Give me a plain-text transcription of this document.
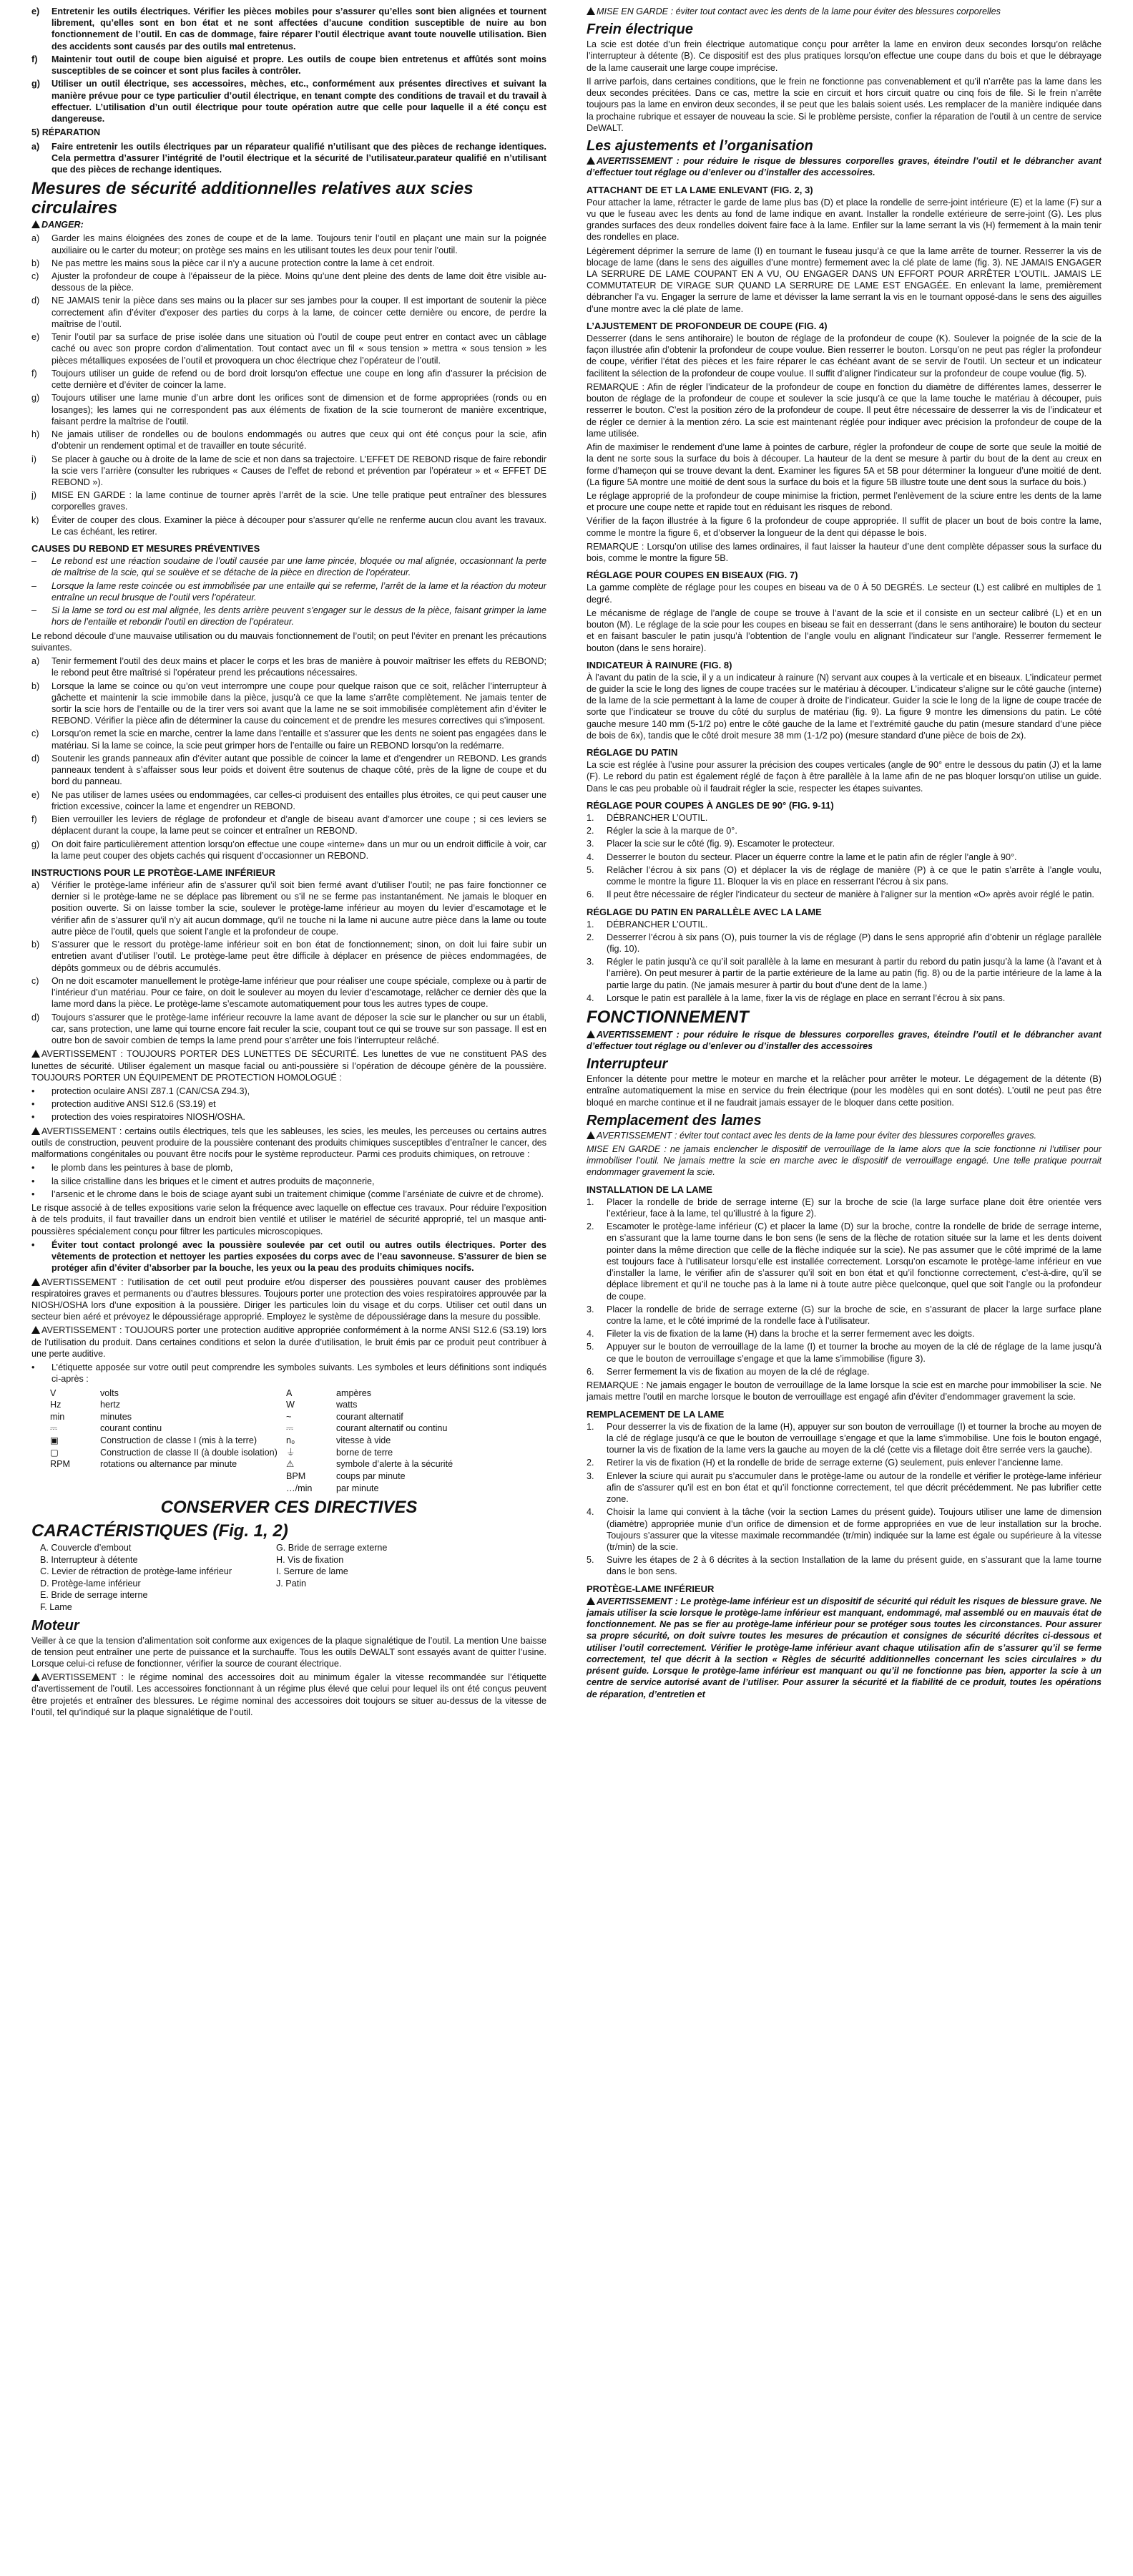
e)	Entretenir les outils électriques. Vérifier les pièces mobiles pour s’assurer qu’elles sont bien alignées et tournent librement, qu’elles sont en bon état et ne sont affectées d’aucune condition susceptible de nuire au bon fonctionnement de l’outil. En cas de dommage, faire réparer l’outil électrique avant toute nouvelle utilisation. Bien des accidents sont causés par des outils mal entretenus.
f)	Maintenir tout outil de coupe bien aiguisé et propre. Les outils de coupe bien entretenus et affûtés sont moins susceptibles de se coincer et sont plus faciles à contrôler.
g)	Utiliser un outil électrique, ses accessoires, mèches, etc., conformément aux présentes directives et suivant la manière prévue pour ce type particulier d’outil électrique, en tenant compte des conditions de travail et du travail à effectuer. L’utilisation d’un outil électrique pour toute opération autre que celle pour laquelle il a été conçu est dangereuse.
5) RÉPARATION
a)	Faire entretenir les outils électriques par un réparateur qualifié n’utilisant que des pièces de rechange identiques. Cela permettra d’assurer l’intégrité de l’outil électrique et la sécurité de l’utilisateur.parateur qualifié en n’utilisant que des pièces de rechange identiques.
Mesures de sécurité additionnelles relatives aux scies circulaires
DANGER:
a)	Garder les mains éloignées des zones de coupe et de la lame. Toujours tenir l’outil en plaçant une main sur la poignée auxiliaire ou le carter du moteur; on protège ses mains en les utilisant toutes les deux pour tenir l’outil.
b)	Ne pas mettre les mains sous la pièce car il n’y a aucune protection contre la lame à cet endroit.
c)	Ajuster la profondeur de coupe à l’épaisseur de la pièce. Moins qu’une dent pleine des dents de lame doit être visible au-dessous de la pièce.
d)	NE JAMAIS tenir la pièce dans ses mains ou la placer sur ses jambes pour la couper. Il est important de soutenir la pièce correctement afin d’éviter d’exposer des parties du corps à la lame, de coincer cette dernière ou encore, de perdre la maîtrise de l’outil.
e)	Tenir l’outil par sa surface de prise isolée dans une situation où l’outil de coupe peut entrer en contact avec un câblage caché ou avec son propre cordon d’alimentation. Tout contact avec un fil « sous tension » mettra « sous tension » les pièces métalliques exposées de l’outil et provoquera un choc électrique chez l’opérateur de l’outil.
f)	Toujours utiliser un guide de refend ou de bord droit lorsqu’on effectue une coupe en long afin d’assurer la précision de cette dernière et d’éviter de coincer la lame.
g)	Toujours utiliser une lame munie d’un arbre dont les orifices sont de dimension et de forme appropriées (ronds ou en losanges); les lames qui ne correspondent pas aux éléments de fixation de la scie tourneront de manière excentrique, faisant perdre la maîtrise de l’outil.
h)	Ne jamais utiliser de rondelles ou de boulons endommagés ou autres que ceux qui ont été conçus pour la scie, afin d’obtenir un rendement optimal et de travailler en toute sécurité.
i)	Se placer à gauche ou à droite de la lame de scie et non dans sa trajectoire. L’EFFET DE REBOND risque de faire rebondir la scie vers l’arrière (consulter les rubriques « Causes de l’effet de rebond et prévention par l’opérateur » et « EFFET DE REBOND »).
j)	MISE EN GARDE : la lame continue de tourner après l’arrêt de la scie. Une telle pratique peut entraîner des blessures corporelles graves.
k)	Éviter de couper des clous. Examiner la pièce à découper pour s’assurer qu’elle ne renferme aucun clou avant les travaux. Le cas échéant, les retirer.
CAUSES DU REBOND ET MESURES PRÉVENTIVES
–	Le rebond est une réaction soudaine de l’outil causée par une lame pincée, bloquée ou mal alignée, occasionnant la perte de maîtrise de la scie, qui se soulève et se détache de la pièce en direction de l’opérateur.
–	Lorsque la lame reste coincée ou est immobilisée par une entaille qui se referme, l’arrêt de la lame et la réaction du moteur entraîne un recul brusque de l’outil vers l’opérateur.
–	Si la lame se tord ou est mal alignée, les dents arrière peuvent s’engager sur le dessus de la pièce, faisant grimper la lame hors de l’entaille et rebondir l’outil en direction de l’opérateur.
Le rebond découle d’une mauvaise utilisation ou du mauvais fonctionnement de l’outil; on peut l’éviter en prenant les précautions suivantes.
a)	Tenir fermement l’outil des deux mains et placer le corps et les bras de manière à pouvoir maîtriser les effets du REBOND; le rebond peut être maîtrisé si l’opérateur prend les précautions nécessaires.
b)	Lorsque la lame se coince ou qu’on veut interrompre une coupe pour quelque raison que ce soit, relâcher l’interrupteur à gâchette et maintenir la scie immobile dans la pièce, jusqu’à ce que la lame s’arrête complètement. Ne jamais tenter de sortir la scie hors de l’entaille ou de la tirer vers soi avant que la lame ne se soit immobilisée complètement afin d’éviter le REBOND. Vérifier la pièce afin de déterminer la cause du coincement et de prendre les mesures correctives qui s’imposent.
c)	Lorsqu’on remet la scie en marche, centrer la lame dans l’entaille et s’assurer que les dents ne soient pas engagées dans le matériau. Si la lame se coince, la scie peut grimper hors de l’entaille ou faire un REBOND lorsqu’on la redémarre.
d)	Soutenir les grands panneaux afin d’éviter autant que possible de coincer la lame et d’engendrer un REBOND. Les grands panneaux tendent à s’affaisser sous leur poids et doivent être soutenus de chaque côté, près de la ligne de coupe et du bord du panneau.
e)	Ne pas utiliser de lames usées ou endommagées, car celles-ci produisent des entailles plus étroites, ce qui peut causer une friction excessive, coincer la lame et engendrer un REBOND.
f)	Bien verrouiller les leviers de réglage de profondeur et d’angle de biseau avant d’amorcer une coupe ; si ces leviers se déplacent durant la coupe, la lame peut se coincer et entraîner un REBOND.
g)	On doit faire particulièrement attention lorsqu’on effectue une coupe «interne» dans un mur ou un endroit difficile à voir, car la lame peut couper des objets cachés qui risquent d’occasionner un REBOND.
INSTRUCTIONS POUR LE PROTÈGE-LAME INFÉRIEUR
a)	Vérifier le protège-lame inférieur afin de s’assurer qu’il soit bien fermé avant d’utiliser l’outil; ne pas faire fonctionner ce dernier si le protège-lame ne se déplace pas librement ou s’il ne se ferme pas instantanément. Ne jamais le bloquer en position ouverte. Si on laisse tomber la scie, soulever le protège-lame inférieur au moyen du levier d’escamotage et le vérifier afin de s’assurer qu’il n’y ait aucun dommage, qu’il ne touche ni la lame ni aucune autre pièce dans la lame ou toute autre pièce de l’outil, quels que soient l’angle et la profondeur de coupe.
b)	S’assurer que le ressort du protège-lame inférieur soit en bon état de fonctionnement; sinon, on doit lui faire subir un entretien avant d’utiliser l’outil. Le protège-lame peut être difficile à déplacer en présence de pièces endommagées, de dépôts gommeux ou de débris accumulés.
c)	On ne doit escamoter manuellement le protège-lame inférieur que pour réaliser une coupe spéciale, complexe ou à partir de l’intérieur d’un matériau. Pour ce faire, on doit le soulever au moyen du levier d’escamotage, relâcher ce dernier dès que la lame mord dans la pièce. Le protège-lame s’escamote automatiquement pour tous les autres types de coupe.
d)	Toujours s’assurer que le protège-lame inférieur recouvre la lame avant de déposer la scie sur le plancher ou sur un établi, car, sans protection, une lame qui tourne encore fait reculer la scie, coupant tout ce qui se trouve sur son passage. Il est en outre bon de savoir combien de temps la lame prend pour s’arrêter une fois l’interrupteur relâché.
AVERTISSEMENT : TOUJOURS PORTER DES LUNETTES DE SÉCURITÉ. Les lunettes de vue ne constituent PAS des lunettes de sécurité. Utiliser également un masque facial ou anti-poussière si l’opération de découpe génère de la poussière. TOUJOURS PORTER UN ÉQUIPEMENT DE PROTECTION HOMOLOGUÉ :
•	protection oculaire ANSI Z87.1 (CAN/CSA Z94.3),
•	protection auditive ANSI S12.6 (S3.19) et
•	protection des voies respiratoires NIOSH/OSHA.
AVERTISSEMENT : certains outils électriques, tels que les sableuses, les scies, les meules, les perceuses ou certains autres outils de construction, peuvent produire de la poussière contenant des produits chimiques susceptibles d’entraîner le cancer, des malformations congénitales ou pouvant être nocifs pour le système reproducteur. Parmi ces produits chimiques, on retrouve :
•	le plomb dans les peintures à base de plomb,
•	la silice cristalline dans les briques et le ciment et autres produits de maçonnerie,
•	l’arsenic et le chrome dans le bois de sciage ayant subi un traitement chimique (comme l’arséniate de cuivre et de chrome).
Le risque associé à de telles expositions varie selon la fréquence avec laquelle on effectue ces travaux. Pour réduire l’exposition à de tels produits, il faut travailler dans un endroit bien ventilé et utiliser le matériel de sécurité approprié, tel un masque anti-poussières spécialement conçu pour filtrer les particules microscopiques.
•	Éviter tout contact prolongé avec la poussière soulevée par cet outil ou autres outils électriques. Porter des vêtements de protection et nettoyer les parties exposées du corps avec de l’eau savonneuse. S’assurer de bien se protéger afin d’éviter d’absorber par la bouche, les yeux ou la peau des produits chimiques nocifs.
AVERTISSEMENT : l’utilisation de cet outil peut produire et/ou disperser des poussières pouvant causer des problèmes respiratoires graves et permanents ou d’autres blessures. Toujours porter une protection des voies respiratoires approuvée par la NIOSH/OSHA lors d’une exposition à la poussière. Diriger les particules loin du visage et du corps. Utiliser cet outil dans un secteur bien aéré et prévoyez le dépoussiérage approprié. Employez le système de dépoussiérage dans la mesure du possible.
AVERTISSEMENT : TOUJOURS porter une protection auditive appropriée conformément à la norme ANSI S12.6 (S3.19) lors de l’utilisation du produit. Dans certaines conditions et selon la durée d’utilisation, le bruit émis par ce produit peut contribuer à une perte auditive.
•	L’étiquette apposée sur votre outil peut comprendre les symboles suivants. Les symboles et leurs définitions sont indiqués ci-après :
V	volts	A	ampères
Hz	hertz	W	watts
min	minutes	~	courant alternatif
⎓	courant continu	⎓	courant alternatif ou continu
▣	Construction de classe I (mis à la terre)	n₀	vitesse à vide
▢	Construction de classe II (à double isolation) ⏚	borne de terre
RPM	rotations ou alternance par minute	⚠	symbole d’alerte à la sécurité
BPM	coups par minute
…/min	par minute
CONSERVER CES DIRECTIVES
CARACTÉRISTIQUES (Fig. 1, 2)
A. Couvercle d’embout	G. Bride de serrage externe
B. Interrupteur à détente	H. Vis de fixation
C. Levier de rétraction de protège-lame inférieur	I. Serrure de lame
D. Protège-lame inférieur	J. Patin
E. Bride de serrage interne
F. Lame
Moteur
Veiller à ce que la tension d’alimentation soit conforme aux exigences de la plaque signalétique de l’outil. La mention Une baisse de tension peut entraîner une perte de puissance et la surchauffe. Tous les outils DeWALT sont essayés avant de quitter l’usine. Lorsque celui-ci refuse de fonctionner, vérifier la source de courant électrique.
AVERTISSEMENT : le régime nominal des accessoires doit au minimum égaler la vitesse recommandée sur l’étiquette d’avertissement de l’outil. Les accessoires fonctionnant à un régime plus élevé que celui pour lequel ils ont été conçus peuvent être projetés et entraîner des blessures. Le régime nominal des accessoires doit toujours se situer au-dessus de la vitesse de l’outil, tel qu’indiqué sur la plaque signalétique de l’outil.
MISE EN GARDE : éviter tout contact avec les dents de la lame pour éviter des blessures corporelles
Frein électrique
La scie est dotée d’un frein électrique automatique conçu pour arrêter la lame en environ deux secondes lorsqu’on relâche l’interrupteur à détente (B). Ce dispositif est des plus pratiques lorsqu’on effectue une coupe dans du bois et que le débrayage de la lame causerait une large coupe imprécise.
Il arrive parfois, dans certaines conditions, que le frein ne fonctionne pas convenablement et qu’il n’arrête pas la lame dans les deux secondes précitées. Dans ce cas, mettre la scie en circuit et hors circuit quatre ou cinq fois de file. Si le frein n’arrête toujours pas la lame en environ deux secondes, il se peut que les balais soient usés. Les remplacer de la manière indiquée dans la prochaine rubrique et essayer de nouveau la scie. Si le problème persiste, confier la réparation de l’outil à un centre de service DeWALT.
Les ajustements et l’organisation
AVERTISSEMENT : pour réduire le risque de blessures corporelles graves, éteindre l’outil et le débrancher avant d’effectuer tout réglage ou d’enlever ou d’installer des accessoires.
ATTACHANT DE ET LA LAME ENLEVANT (FIG. 2, 3)
Pour attacher la lame, rétracter le garde de lame plus bas (D) et place la rondelle de serre-joint intérieure (E) et la lame (F) sur a vu que le fuseau avec les dents au fond de lame indique en avant. Installer la rondelle extérieure de serre-joint (G). Les plus grandes surfaces des deux rondelles doivent faire face à la lame. Enfiler sur la lame serrant la vis (H) fermement à la main tenir des rondelles en place.
Légèrement déprimer la serrure de lame (I) en tournant le fuseau jusqu’à ce que la lame arrête de tourner. Resserrer la vis de blocage de lame (dans le sens des aiguilles d’une montre) fermement avec la clé plate de lame (fig. 3). NE JAMAIS ENGAGER LA SERRURE DE LAME COUPANT EN A VU, OU ENGAGER DANS UN EFFORT POUR ARRÊTER L’OUTIL. JAMAIS LE COMMUTATEUR DE VIRAGE SUR QUAND LA SERRURE DE LAME EST ENGAGÉE. En enlevant la lame, premièrement débrancher l’a vu. Engager la serrure de lame et dévisser la lame serrant la vis en le tournant opposé-dans le sens des aiguilles d’une montre avec la clé plate de lame.
L’AJUSTEMENT DE PROFONDEUR DE COUPE (FIG. 4)
Desserrer (dans le sens antihoraire) le bouton de réglage de la profondeur de coupe (K). Soulever la poignée de la scie de la façon illustrée afin d’obtenir la profondeur de coupe voulue. Bien resserrer le bouton. Lorsqu’on ne peut pas régler la profondeur de coupe, vérifier l’état des pièces et les faire réparer le cas échéant avant de se servir de l’outil. Un secteur et un indicateur facilitent la sélection de la profondeur de coupe voulue. Il suffit d’aligner l’indicateur sur la profondeur de coupe voulue (fig. 5).
REMARQUE : Afin de régler l’indicateur de la profondeur de coupe en fonction du diamètre de différentes lames, desserrer le bouton de réglage de la profondeur de coupe et soulever la scie jusqu’à ce que la lame touche le matériau à découper, puis resserrer le bouton. C’est la position zéro de la profondeur de coupe. Il peut être nécessaire de desserrer la vis de l’indicateur et de régler ce dernier à la mention zéro. La scie est maintenant réglée pour indiquer avec précision la profondeur de coupe de la lame utilisée.
Afin de maximiser le rendement d’une lame à pointes de carbure, régler la profondeur de coupe de sorte que seule la moitié de la dent ne sorte sous la surface du bois à découper. La hauteur de la dent se mesure à partir du bout de la dent au creux en forme d’hameçon qui se trouve devant la dent. Examiner les figures 5A et 5B pour déterminer la longueur d’une moitié de dent. (La figure 5A montre une moitié de dent sous la surface du bois et la figure 5B illustre toute une dent sous la surface du bois.)
Le réglage approprié de la profondeur de coupe minimise la friction, permet l’enlèvement de la sciure entre les dents de la lame et procure une coupe nette et rapide tout en réduisant les risques de rebond.
Vérifier de la façon illustrée à la figure 6 la profondeur de coupe appropriée. Il suffit de placer un bout de bois contre la lame, comme le montre la figure 6, et d’observer la longueur de la dent qui dépasse le bois.
REMARQUE : Lorsqu’on utilise des lames ordinaires, il faut laisser la hauteur d’une dent complète dépasser sous la surface du bois, comme le montre la figure 5B.
RÉGLAGE POUR COUPES EN BISEAUX (FIG. 7)
La gamme complète de réglage pour les coupes en biseau va de 0 À 50 DEGRÉS. Le secteur (L) est calibré en multiples de 1 degré.
Le mécanisme de réglage de l’angle de coupe se trouve à l’avant de la scie et il consiste en un secteur calibré (L) et en un bouton (M). Le réglage de la scie pour les coupes en biseau se fait en desserrant (dans le sens antihoraire) le bouton du secteur et en faisant basculer le patin jusqu’à l’obtention de l’angle voulu en alignant l’indicateur sur l’angle. Resserrer fermement le bouton (dans le sens horaire).
INDICATEUR À RAINURE (FIG. 8)
À l’avant du patin de la scie, il y a un indicateur à rainure (N) servant aux coupes à la verticale et en biseaux. L’indicateur permet de guider la scie le long des lignes de coupe tracées sur le matériau à découper. L’indicateur s’aligne sur le côté gauche (interne) de la lame de la scie permettant à la lame de couper à droite de l’indicateur. Guider la scie le long de la ligne de coupe tracée de sorte que l’indicateur se trouve du côté du surplus de matériau (fig. 9). La figure 9 montre les dimensions du patin. Le côté gauche mesure 140 mm (5-1/2 po) entre le côté gauche de la lame et l’extrémité gauche du patin (mesure standard d’une pièce de bois de 6x), tandis que le côté droit mesure 38 mm (1-1/2 po) (mesure standard d’une pièce de bois de 2x).
RÉGLAGE DU PATIN
La scie est réglée à l’usine pour assurer la précision des coupes verticales (angle de 90° entre le dessous du patin (J) et la lame (F). Le rebord du patin est également réglé de façon à être parallèle à la lame afin de ne pas bloquer lorsqu’on utilise un guide. Dans le cas peu probable où il faudrait régler la scie, respecter les étapes suivantes.
RÉGLAGE POUR COUPES À ANGLES DE 90° (FIG. 9-11)
1.	DÉBRANCHER L’OUTIL.
2.	Régler la scie à la marque de 0°.
3.	Placer la scie sur le côté (fig. 9). Escamoter le protecteur.
4.	Desserrer le bouton du secteur. Placer un équerre contre la lame et le patin afin de régler l’angle à 90°.
5.	Relâcher l’écrou à six pans (O) et déplacer la vis de réglage de manière (P) à ce que le patin s’arrête à l’angle voulu, comme le montre la figure 11. Bloquer la vis en place en resserrant l’écrou à six pans.
6.	Il peut être nécessaire de régler l’indicateur du secteur de manière à l’aligner sur la mention «O» après avoir réglé le patin.
RÉGLAGE DU PATIN EN PARALLÈLE AVEC LA LAME
1.	DÉBRANCHER L’OUTIL.
2.	Desserrer l’écrou à six pans (O), puis tourner la vis de réglage (P) dans le sens approprié afin d’obtenir un réglage parallèle (fig. 10).
3.	Régler le patin jusqu’à ce qu’il soit parallèle à la lame en mesurant à partir du rebord du patin jusqu’à la lame (à l’avant et à l’arrière). On peut mesurer à partir de la partie extérieure de la lame au patin (fig. 8) ou de la partie intérieure de la lame à la partie large du patin. (Ne jamais mesurer à partir du bout d’une dent de la lame.)
4.	Lorsque le patin est parallèle à la lame, fixer la vis de réglage en place en serrant l’écrou à six pans.
FONCTIONNEMENT
AVERTISSEMENT : pour réduire le risque de blessures corporelles graves, éteindre l’outil et le débrancher avant d’effectuer tout réglage ou d’enlever ou d’installer des accessoires
Interrupteur
Enfoncer la détente pour mettre le moteur en marche et la relâcher pour arrêter le moteur. Le dégagement de la détente (B) entraîne automatiquement la mise en service du frein électrique (pour les modèles qui en sont dotés). L’outil ne peut pas être bloqué en marche continue et il ne faudrait jamais essayer de le bloquer dans cette position.
Remplacement des lames
AVERTISSEMENT : éviter tout contact avec les dents de la lame pour éviter des blessures corporelles graves.
MISE EN GARDE : ne jamais enclencher le dispositif de verrouillage de la lame alors que la scie fonctionne ni l’utiliser pour immobiliser l’outil. Ne jamais mettre la scie en marche avec le dispositif de verrouillage engagé. Une telle pratique pourrait endommager gravement la scie.
INSTALLATION DE LA LAME
1.	Placer la rondelle de bride de serrage interne (E) sur la broche de scie (la large surface plane doit être orientée vers l’extérieur, face à la lame, tel qu’illustré à la figure 2).
2.	Escamoter le protège-lame inférieur (C) et placer la lame (D) sur la broche, contre la rondelle de bride de serrage interne, en s’assurant que la lame tourne dans le bon sens (le sens de la flèche de rotation située sur la lame et les dents doivent pointer dans la même direction que celle de la flèche indiquée sur la scie). Ne pas assumer que le côté imprimé de la lame est toujours face à l’utilisateur lorsqu’elle est installée correctement. Lorsqu’on escamote le protège-lame inférieur en vue d’installer la lame, le vérifier afin de s’assurer qu’il soit en bon état et qu’il fonctionne correctement, c’est-à-dire, qu’il se déplace librement et qu’il ne touche pas à la lame ni à toute autre pièce quelconque, quel que soit l’angle ou la profondeur de coupe.
3.	Placer la rondelle de bride de serrage externe (G) sur la broche de scie, en s’assurant de placer la large surface plane contre la lame, et le côté imprimé de la rondelle face à l’utilisateur.
4.	Fileter la vis de fixation de la lame (H) dans la broche et la serrer fermement avec les doigts.
5.	Appuyer sur le bouton de verrouillage de la lame (I) et tourner la broche au moyen de la clé de réglage de la lame jusqu’à ce que le bouton de verrouillage s’engage et que la lame s’immobilise (figure 3).
6.	Serrer fermement la vis de fixation au moyen de la clé de réglage.
REMARQUE : Ne jamais engager le bouton de verrouillage de la lame lorsque la scie est en marche pour immobiliser la scie. Ne jamais mettre l’outil en marche lorsque le bouton de verrouillage est engagé afin d’éviter d’endommager gravement la scie.
REMPLACEMENT DE LA LAME
1.	Pour desserrer la vis de fixation de la lame (H), appuyer sur son bouton de verrouillage (I) et tourner la broche au moyen de la clé de réglage jusqu’à ce que le bouton de verrouillage s’engage et que la lame s’immobilise. Une fois le bouton engagé, tourner la vis de fixation de la lame vers la gauche au moyen de la clé (cette vis a filetage doit être serrée vers la gauche).
2.	Retirer la vis de fixation (H) et la rondelle de bride de serrage externe (G) seulement, puis enlever l’ancienne lame.
3.	Enlever la sciure qui aurait pu s’accumuler dans le protège-lame ou autour de la rondelle et vérifier le protège-lame inférieur afin de s’assurer qu’il est en bon état et qu’il fonctionne correctement, tel que décrit précédemment. Ne pas lubrifier cette zone.
4.	Choisir la lame qui convient à la tâche (voir la section Lames du présent guide). Toujours utiliser une lame de dimension (diamètre) appropriée munie d’un orifice de dimension et de forme appropriées en vue de leur installation sur la broche. Toujours s’assurer que la vitesse maximale recommandée (tr/min) indiquée sur la lame est égale ou supérieure à la vitesse (tr/min) de la scie.
5.	Suivre les étapes de 2 à 6 décrites à la section Installation de la lame du présent guide, en s’assurant que la lame tourne dans le bon sens.
PROTÈGE-LAME INFÉRIEUR
AVERTISSEMENT : Le protège-lame inférieur est un dispositif de sécurité qui réduit les risques de blessure grave. Ne jamais utiliser la scie lorsque le protège-lame inférieur est manquant, endommagé, mal assemblé ou en mauvais état de fonctionnement. Ne pas se fier au protège-lame inférieur pour se protéger sous toutes les circonstances. Pour assurer sa propre sécurité, on doit suivre toutes les mesures de précaution et consignes de sécurité décrites ci-dessous et utiliser l’outil correctement. Vérifier le protège-lame inférieur avant chaque utilisation afin de s’assurer qu’il se ferme correctement, tel que décrit à la section « Règles de sécurité additionnelles concernant les scies circulaires » du présent guide. Lorsque le protège-lame inférieur est manquant ou qu’il ne fonctionne pas bien, apporter la scie à un centre de service autorisé avant de l’utiliser. Pour assurer la sécurité et la fiabilité de ce produit, toutes les opérations de réparation, d’entretien et
